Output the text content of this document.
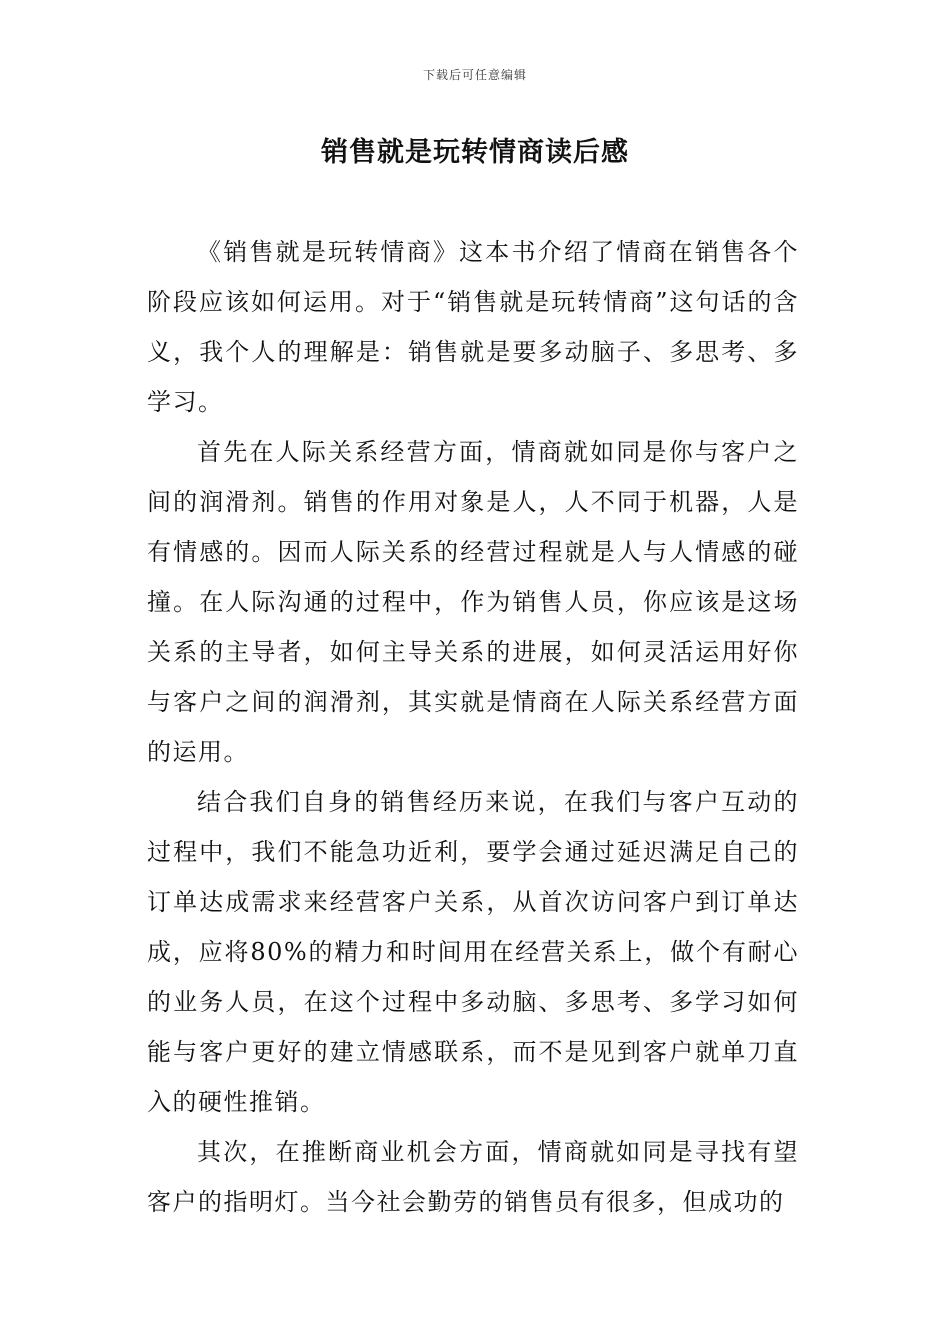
下载后可任意编辑
销售就是玩转情商读后感

《销售就是玩转情商》这本书介绍了情商在销售各个阶段应该如何运用。对于“销售就是玩转情商”这句话的含义，我个人的理解是：销售就是要多动脑子、多思考、多学习。

首先在人际关系经营方面，情商就如同是你与客户之间的润滑剂。销售的作用对象是人，人不同于机器，人是有情感的。因而人际关系的经营过程就是人与人情感的碰撞。在人际沟通的过程中，作为销售人员，你应该是这场关系的主导者，如何主导关系的进展，如何灵活运用好你与客户之间的润滑剂，其实就是情商在人际关系经营方面的运用。

结合我们自身的销售经历来说，在我们与客户互动的过程中，我们不能急功近利，要学会通过延迟满足自己的订单达成需求来经营客户关系，从首次访问客户到订单达成，应将80%的精力和时间用在经营关系上，做个有耐心的业务人员，在这个过程中多动脑、多思考、多学习如何能与客户更好的建立情感联系，而不是见到客户就单刀直入的硬性推销。

其次，在推断商业机会方面，情商就如同是寻找有望客户的指明灯。当今社会勤劳的销售员有很多，但成功的
